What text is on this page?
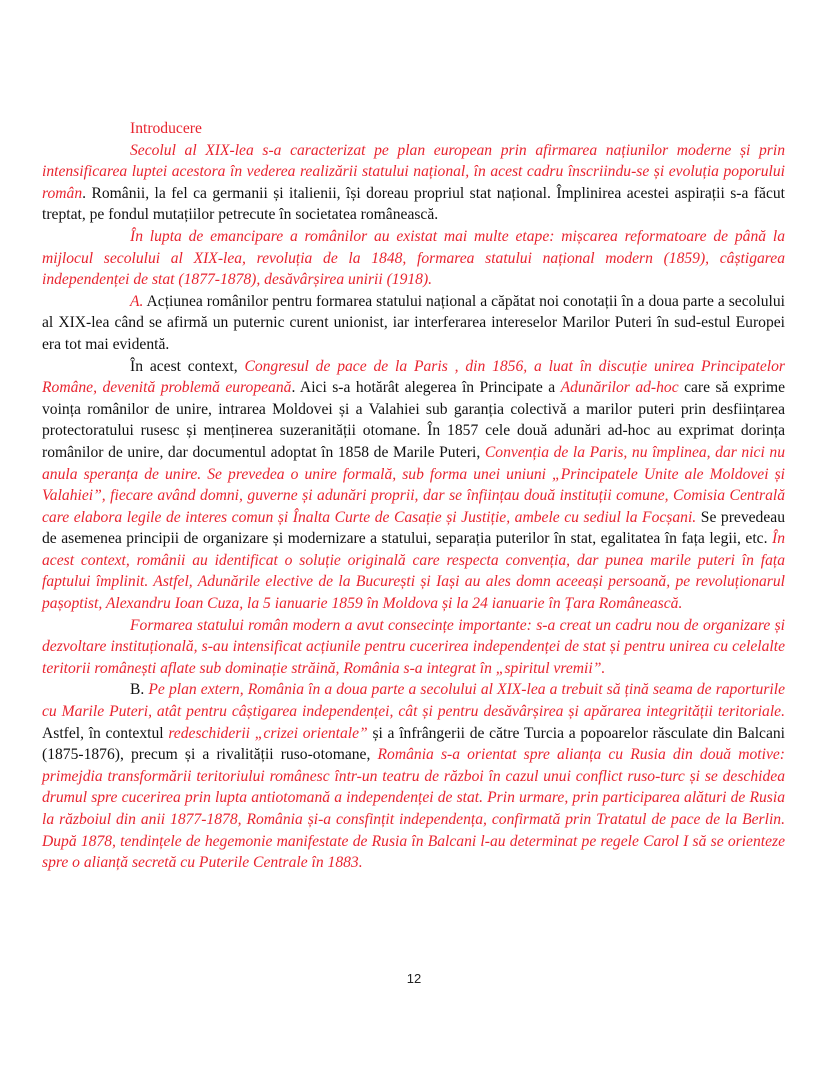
Introducere

Secolul al XIX-lea s-a caracterizat pe plan european prin afirmarea națiunilor moderne și prin intensificarea luptei acestora în vederea realizării statului național, în acest cadru înscriindu-se și evoluția poporului român. Românii, la fel ca germanii și italienii, își doreau propriul stat național. Împlinirea acestei aspirații s-a făcut treptat, pe fondul mutațiilor petrecute în societatea românească.

În lupta de emancipare a românilor au existat mai multe etape: mișcarea reformatoare de până la mijlocul secolului al XIX-lea, revoluția de la 1848, formarea statului național modern (1859), câștigarea independenței de stat (1877-1878), desăvârșirea unirii (1918).

A. Acțiunea românilor pentru formarea statului național a căpătat noi conotații în a doua parte a secolului al XIX-lea când se afirmă un puternic curent unionist, iar interferarea intereselor Marilor Puteri în sud-estul Europei era tot mai evidentă.

În acest context, Congresul de pace de la Paris , din 1856, a luat în discuție unirea Principatelor Române, devenită problemă europeană. Aici s-a hotărât alegerea în Principate a Adunărilor ad-hoc care să exprime voința românilor de unire, intrarea Moldovei și a Valahiei sub garanția colectivă a marilor puteri prin desființarea protectoratului rusesc și menținerea suzeranității otomane. În 1857 cele două adunări ad-hoc au exprimat dorința românilor de unire, dar documentul adoptat în 1858 de Marile Puteri, Convenția de la Paris, nu împlinea, dar nici nu anula speranța de unire. Se prevedea o unire formală, sub forma unei uniuni „Principatele Unite ale Moldovei și Valahiei”, fiecare având domni, guverne și adunări proprii, dar se înființau două instituții comune, Comisia Centrală care elabora legile de interes comun și Înalta Curte de Casație și Justiție, ambele cu sediul la Focșani. Se prevedeau de asemenea principii de organizare și modernizare a statului, separația puterilor în stat, egalitatea în fața legii, etc. În acest context, românii au identificat o soluție originală care respecta convenția, dar punea marile puteri în fața faptului împlinit. Astfel, Adunările elective de la București și Iași au ales domn aceeași persoană, pe revoluționarul pașoptist, Alexandru Ioan Cuza, la 5 ianuarie 1859 în Moldova și la 24 ianuarie în Țara Românească.

Formarea statului român modern a avut consecințe importante: s-a creat un cadru nou de organizare și dezvoltare instituțională, s-au intensificat acțiunile pentru cucerirea independenței de stat și pentru unirea cu celelalte teritorii românești aflate sub dominație străină, România s-a integrat în „spiritul vremii”.

B. Pe plan extern, România în a doua parte a secolului al XIX-lea a trebuit să țină seama de raporturile cu Marile Puteri, atât pentru câștigarea independenței, cât și pentru desăvârșirea și apărarea integrității teritoriale. Astfel, în contextul redeschiderii „crizei orientale” și a înfrângerii de către Turcia a popoarelor răsculate din Balcani (1875-1876), precum și a rivalității ruso-otomane, România s-a orientat spre alianța cu Rusia din două motive: primejdia transformării teritoriului românesc într-un teatru de război în cazul unui conflict ruso-turc și se deschidea drumul spre cucerirea prin lupta antiotomană a independenței de stat. Prin urmare, prin participarea alături de Rusia la războiul din anii 1877-1878, România și-a consfințit independența, confirmată prin Tratatul de pace de la Berlin. După 1878, tendințele de hegemonie manifestate de Rusia în Balcani l-au determinat pe regele Carol I să se orienteze spre o alianță secretă cu Puterile Centrale în 1883.

12
